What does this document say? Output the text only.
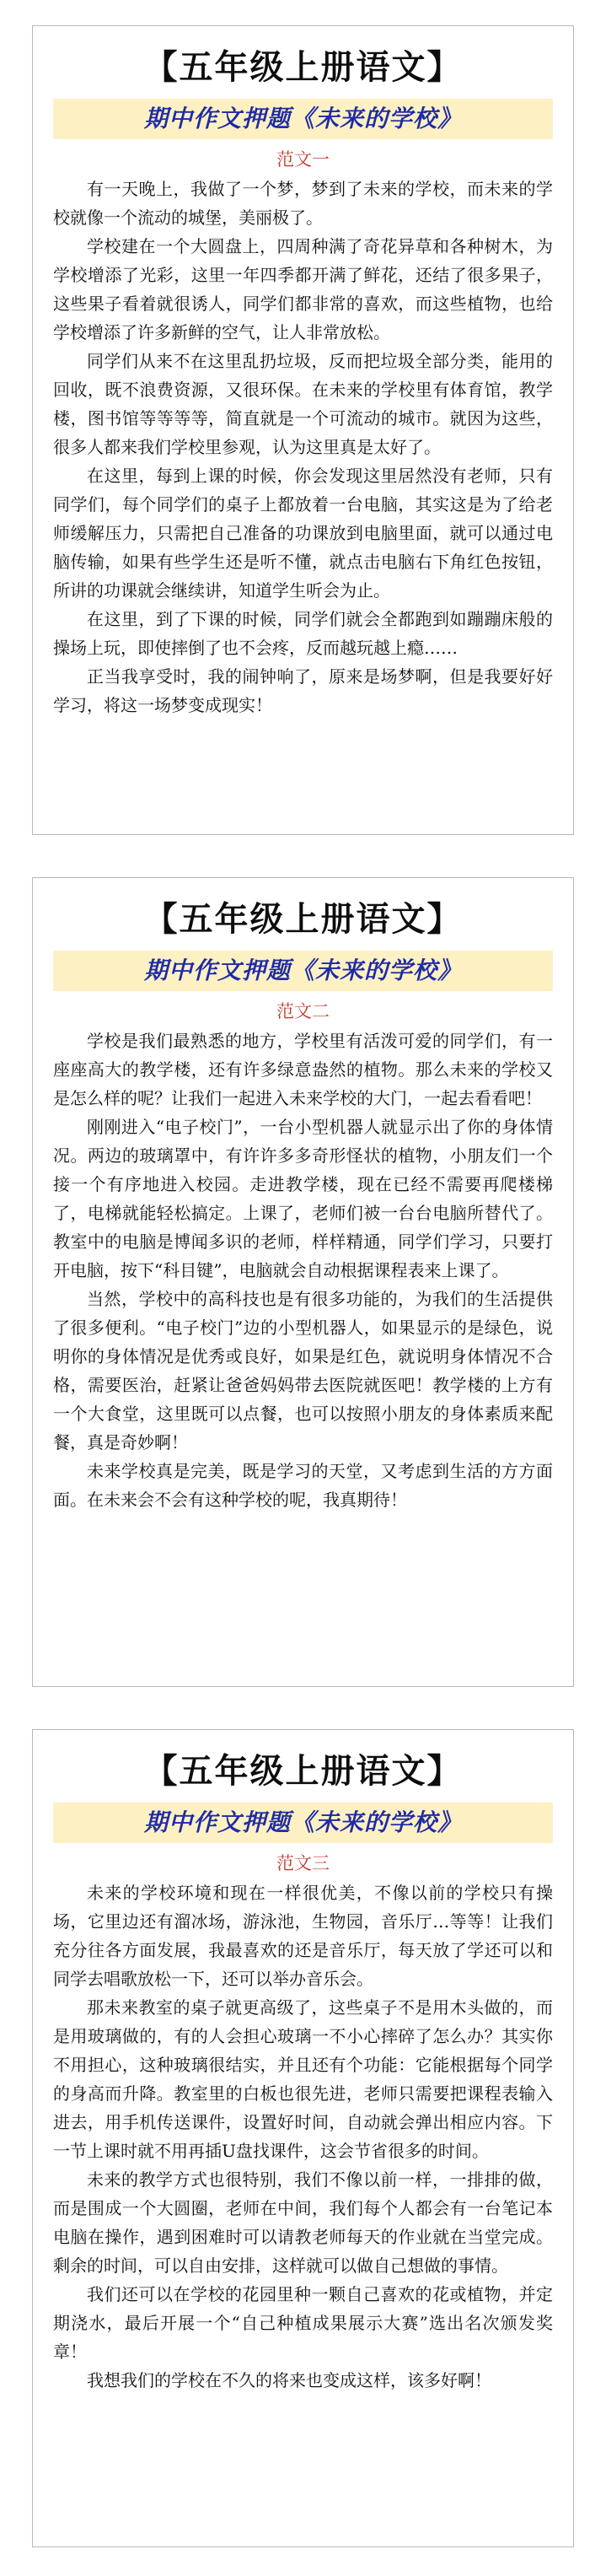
【五年级上册语文】
期中作文押题《未来的学校》
范文一

有一天晚上，我做了一个梦，梦到了未来的学校，而未来的学校就像一个流动的城堡，美丽极了。

学校建在一个大圆盘上，四周种满了奇花异草和各种树木，为学校增添了光彩，这里一年四季都开满了鲜花，还结了很多果子，这些果子看着就很诱人，同学们都非常的喜欢，而这些植物，也给学校增添了许多新鲜的空气，让人非常放松。

同学们从来不在这里乱扔垃圾，反而把垃圾全部分类，能用的回收，既不浪费资源，又很环保。在未来的学校里有体育馆，教学楼，图书馆等等等等，简直就是一个可流动的城市。就因为这些，很多人都来我们学校里参观，认为这里真是太好了。

在这里，每到上课的时候，你会发现这里居然没有老师，只有同学们，每个同学们的桌子上都放着一台电脑，其实这是为了给老师缓解压力，只需把自己准备的功课放到电脑里面，就可以通过电脑传输，如果有些学生还是听不懂，就点击电脑右下角红色按钮，所讲的功课就会继续讲，知道学生听会为止。

在这里，到了下课的时候，同学们就会全都跑到如蹦蹦床般的操场上玩，即使摔倒了也不会疼，反而越玩越上瘾……

正当我享受时，我的闹钟响了，原来是场梦啊，但是我要好好学习，将这一场梦变成现实！

【五年级上册语文】
期中作文押题《未来的学校》
范文二

学校是我们最熟悉的地方，学校里有活泼可爱的同学们，有一座座高大的教学楼，还有许多绿意盎然的植物。那么未来的学校又是怎么样的呢？让我们一起进入未来学校的大门，一起去看看吧！

刚刚进入“电子校门”，一台小型机器人就显示出了你的身体情况。两边的玻璃罩中，有许许多多奇形怪状的植物，小朋友们一个接一个有序地进入校园。走进教学楼，现在已经不需要再爬楼梯了，电梯就能轻松搞定。上课了，老师们被一台台电脑所替代了。教室中的电脑是博闻多识的老师，样样精通，同学们学习，只要打开电脑，按下“科目键”，电脑就会自动根据课程表来上课了。

当然，学校中的高科技也是有很多功能的，为我们的生活提供了很多便利。“电子校门”边的小型机器人，如果显示的是绿色，说明你的身体情况是优秀或良好，如果是红色，就说明身体情况不合格，需要医治，赶紧让爸爸妈妈带去医院就医吧！教学楼的上方有一个大食堂，这里既可以点餐，也可以按照小朋友的身体素质来配餐，真是奇妙啊！

未来学校真是完美，既是学习的天堂，又考虑到生活的方方面面。在未来会不会有这种学校的呢，我真期待！

【五年级上册语文】
期中作文押题《未来的学校》
范文三

未来的学校环境和现在一样很优美，不像以前的学校只有操场，它里边还有溜冰场，游泳池，生物园，音乐厅…等等！让我们充分往各方面发展，我最喜欢的还是音乐厅，每天放了学还可以和同学去唱歌放松一下，还可以举办音乐会。

那未来教室的桌子就更高级了，这些桌子不是用木头做的，而是用玻璃做的，有的人会担心玻璃一不小心摔碎了怎么办？其实你不用担心，这种玻璃很结实，并且还有个功能：它能根据每个同学的身高而升降。教室里的白板也很先进，老师只需要把课程表输入进去，用手机传送课件，设置好时间，自动就会弹出相应内容。下一节上课时就不用再插U盘找课件，这会节省很多的时间。

未来的教学方式也很特别，我们不像以前一样，一排排的做，而是围成一个大圆圈，老师在中间，我们每个人都会有一台笔记本电脑在操作，遇到困难时可以请教老师每天的作业就在当堂完成。剩余的时间，可以自由安排，这样就可以做自己想做的事情。

我们还可以在学校的花园里种一颗自己喜欢的花或植物，并定期浇水，最后开展一个“自己种植成果展示大赛”选出名次颁发奖章！

我想我们的学校在不久的将来也变成这样，该多好啊！
